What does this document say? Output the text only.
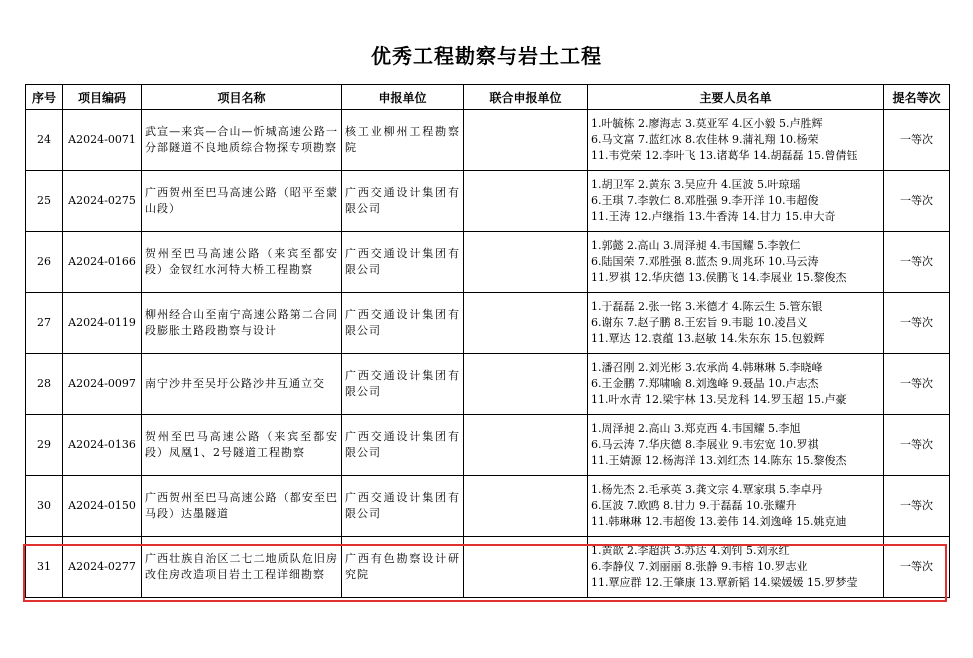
优秀工程勘察与岩土工程
序号	项目编码	项目名称	申报单位	联合申报单位	主要人员名单	提名等次
24	A2024-0071	武宣—来宾—合山—忻城高速公路一分部隧道不良地质综合物探专项勘察	核工业柳州工程勘察院		1.叶毓栋 2.廖海志 3.莫亚军 4.区小毅 5.卢胜辉
6.马文富 7.蓝红冰 8.农佳林 9.蒲礼翔 10.杨荣
11.韦党荣 12.李叶飞 13.诸葛华 14.胡磊磊 15.曾倩钰	一等次
25	A2024-0275	广西贺州至巴马高速公路（昭平至蒙山段）	广西交通设计集团有限公司		1.胡卫军 2.黄东 3.吴应升 4.匡波 5.叶琼瑶
6.王琪 7.李敦仁 8.邓胜强 9.李开洋 10.韦超俊
11.王涛 12.卢继指 13.牛香涛 14.甘力 15.申大奇	一等次
26	A2024-0166	贺州至巴马高速公路（来宾至都安段）金钗红水河特大桥工程勘察	广西交通设计集团有限公司		1.郭懿 2.高山 3.周泽昶 4.韦国耀 5.李敦仁
6.陆国荣 7.邓胜强 8.蓝杰 9.周兆环 10.马云涛
11.罗祺 12.华庆德 13.侯鹏飞 14.李展业 15.黎俊杰	一等次
27	A2024-0119	柳州经合山至南宁高速公路第二合同段膨胀土路段勘察与设计	广西交通设计集团有限公司		1.于磊磊 2.张一铭 3.米德才 4.陈云生 5.管东银
6.谢东 7.赵子鹏 8.王宏旨 9.韦聪 10.凌昌义
11.覃达 12.袁蕴 13.赵敏 14.朱东东 15.包毅辉	一等次
28	A2024-0097	南宁沙井至吴圩公路沙井互通立交	广西交通设计集团有限公司		1.潘召刚 2.刘光彬 3.农承尚 4.韩琳琳 5.李晓峰
6.王金鹏 7.郑啸喻 8.刘逸峰 9.聂晶 10.卢志杰
11.叶水青 12.梁宇林 13.吴龙科 14.罗玉超 15.卢豪	一等次
29	A2024-0136	贺州至巴马高速公路（来宾至都安段）凤凰1、2号隧道工程勘察	广西交通设计集团有限公司		1.周泽昶 2.高山 3.郑克西 4.韦国耀 5.李旭
6.马云涛 7.华庆德 8.李展业 9.韦宏宽 10.罗祺
11.王婧源 12.杨海洋 13.刘红杰 14.陈东 15.黎俊杰	一等次
30	A2024-0150	广西贺州至巴马高速公路（都安至巴马段）达墨隧道	广西交通设计集团有限公司		1.杨先杰 2.毛承英 3.龚文宗 4.覃家琪 5.李卓丹
6.匡波 7.欧鸥 8.甘力 9.于磊磊 10.张耀升
11.韩琳琳 12.韦超俊 13.姜伟 14.刘逸峰 15.姚克迪	一等次
31	A2024-0277	广西壮族自治区二七二地质队危旧房改住房改造项目岩土工程详细勘察	广西有色勘察设计研究院		1.黄歆 2.李超洪 3.苏达 4.刘钊 5.刘永红
6.李静仪 7.刘丽丽 8.张静 9.韦榕 10.罗志业
11.覃应群 12.王肇康 13.覃新韬 14.梁媛媛 15.罗梦莹	一等次
